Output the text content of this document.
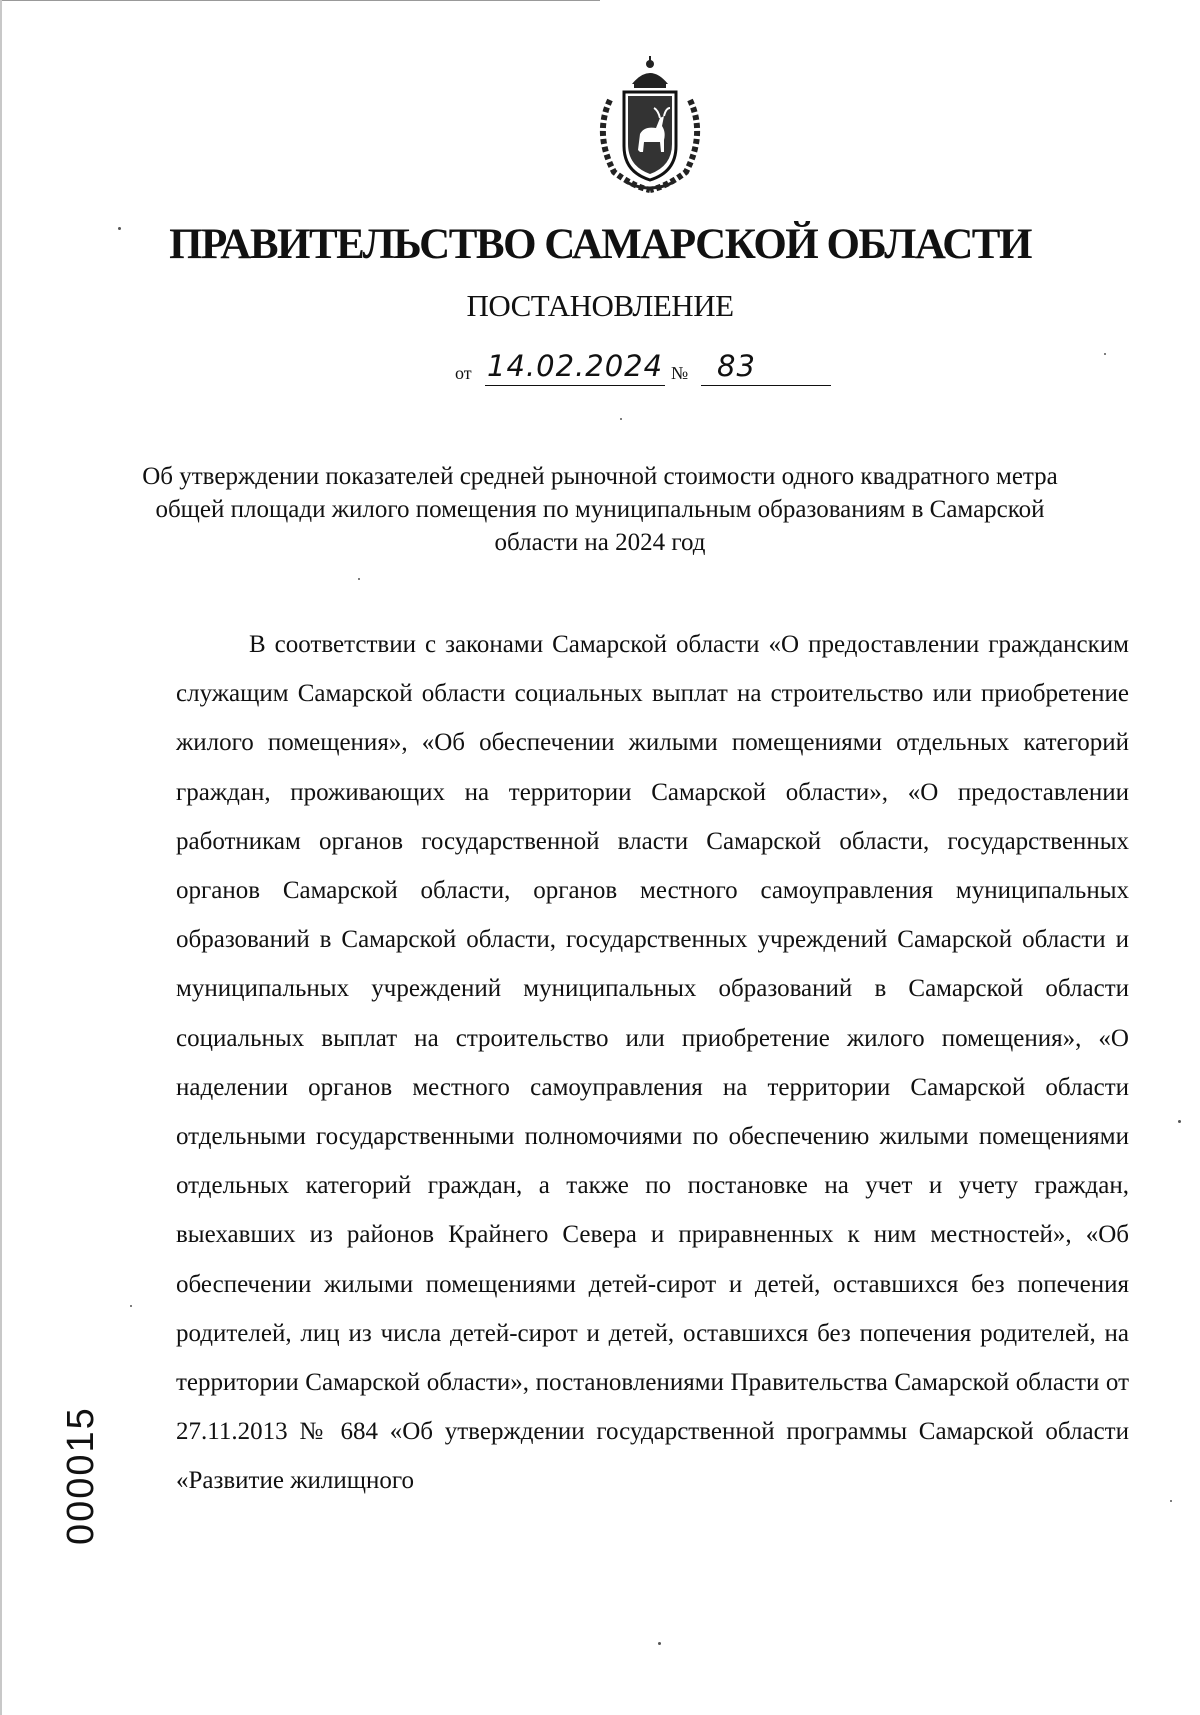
ПРАВИТЕЛЬСТВО САМАРСКОЙ ОБЛАСТИ
ПОСТАНОВЛЕНИЕ
от 14.02.2024 № 83
Об утверждении показателей средней рыночной стоимости одного квадратного метра общей площади жилого помещения по муниципальным образованиям в Самарской области на 2024 год
В соответствии с законами Самарской области «О предоставлении гражданским служащим Самарской области социальных выплат на строительство или приобретение жилого помещения», «Об обеспечении жилыми помещениями отдельных категорий граждан, проживающих на территории Самарской области», «О предоставлении работникам органов государственной власти Самарской области, государственных органов Самарской области, органов местного самоуправления муниципальных образований в Самарской области, государственных учреждений Самарской области и муниципальных учреждений муниципальных образований в Самарской области социальных выплат на строительство или приобретение жилого помещения», «О наделении органов местного самоуправления на территории Самарской области отдельными государственными полномочиями по обеспечению жилыми помещениями отдельных категорий граждан, а также по постановке на учет и учету граждан, выехавших из районов Крайнего Севера и приравненных к ним местностей», «Об обеспечении жилыми помещениями детей-сирот и детей, оставшихся без попечения родителей, лиц из числа детей-сирот и детей, оставшихся без попечения родителей, на территории Самарской области», постановлениями Правительства Самарской области от 27.11.2013 № 684 «Об утверждении государственной программы Самарской области «Развитие жилищного
000015
